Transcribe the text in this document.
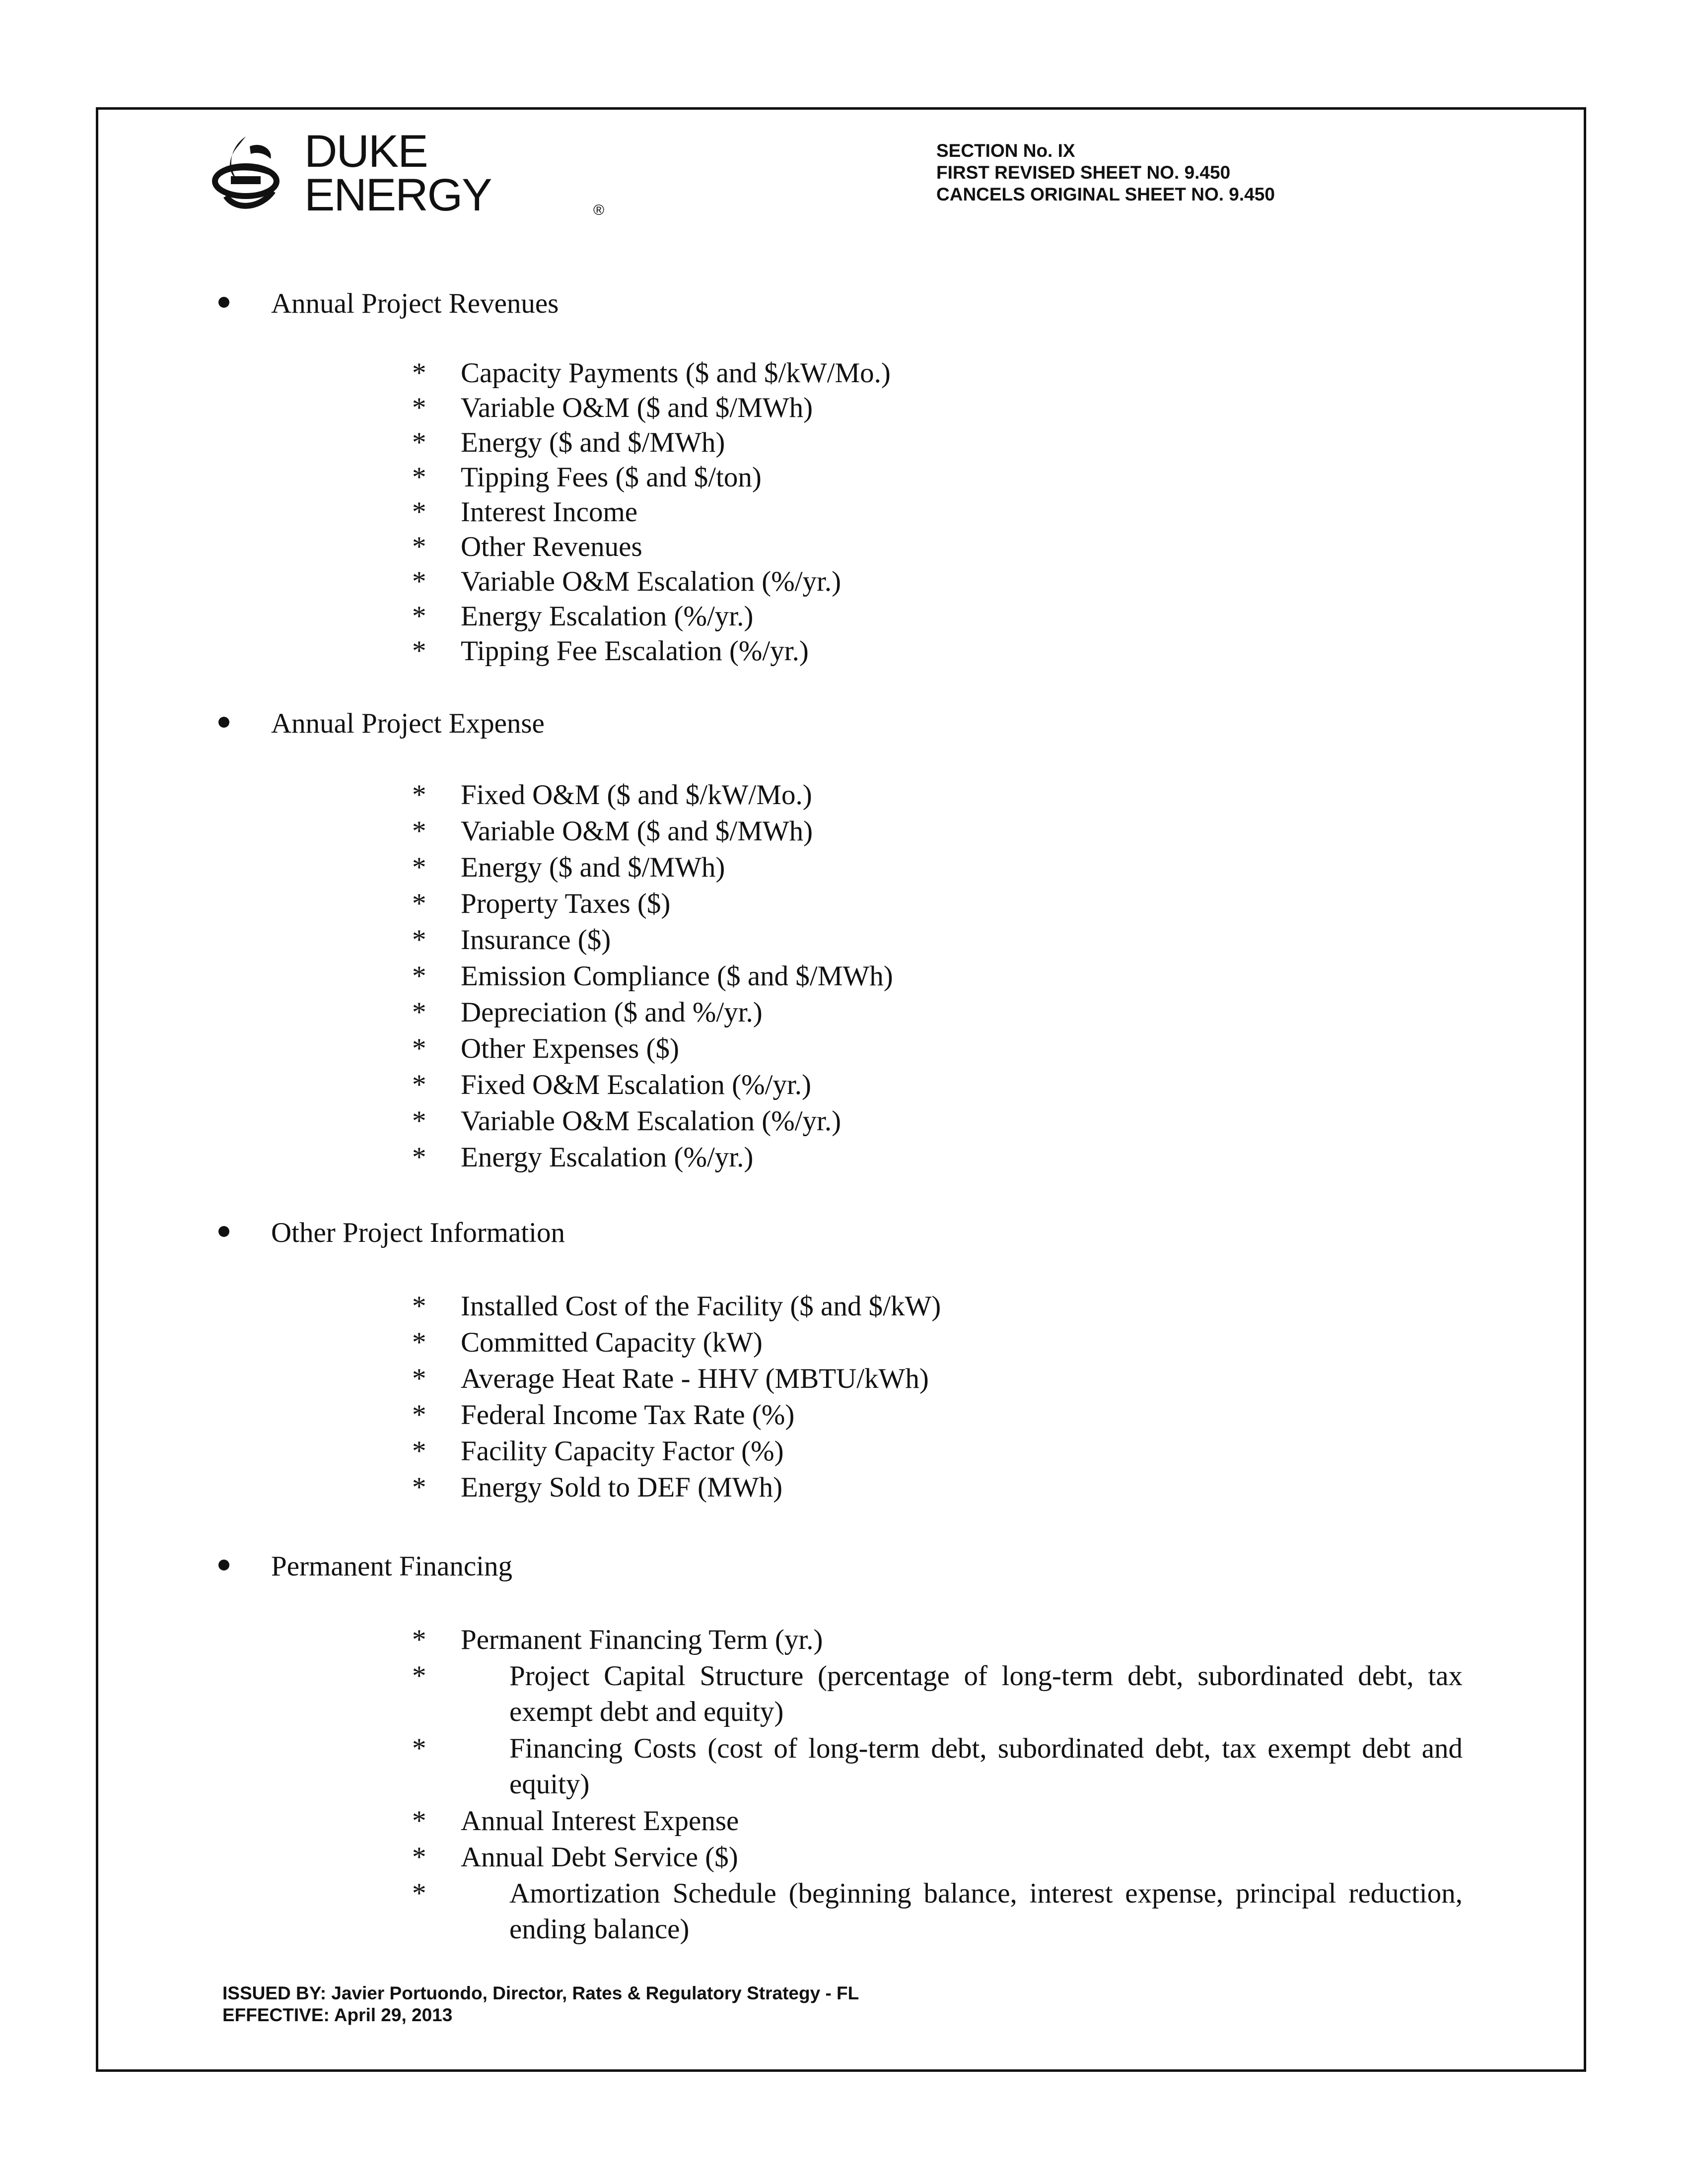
DUKE
ENERGY	®
SECTION No. IX
FIRST REVISED SHEET NO. 9.450
CANCELS ORIGINAL SHEET NO. 9.450
Annual Project Revenues
* Capacity Payments ($ and $/kW/Mo.)
* Variable O&M ($ and $/MWh)
* Energy ($ and $/MWh)
* Tipping Fees ($ and $/ton)
* Interest Income
* Other Revenues
* Variable O&M Escalation (%/yr.)
* Energy Escalation (%/yr.)
* Tipping Fee Escalation (%/yr.)
Annual Project Expense
* Fixed O&M ($ and $/kW/Mo.)
* Variable O&M ($ and $/MWh)
* Energy ($ and $/MWh)
* Property Taxes ($)
* Insurance ($)
* Emission Compliance ($ and $/MWh)
* Depreciation ($ and %/yr.)
* Other Expenses ($)
* Fixed O&M Escalation (%/yr.)
* Variable O&M Escalation (%/yr.)
* Energy Escalation (%/yr.)
Other Project Information
* Installed Cost of the Facility ($ and $/kW)
* Committed Capacity (kW)
* Average Heat Rate - HHV (MBTU/kWh)
* Federal Income Tax Rate (%)
* Facility Capacity Factor (%)
* Energy Sold to DEF (MWh)
Permanent Financing
* Permanent Financing Term (yr.)
*	Project Capital Structure (percentage of long-term debt, subordinated debt, tax exempt debt and equity)
*	Financing Costs (cost of long-term debt, subordinated debt, tax exempt debt and equity)
* Annual Interest Expense
* Annual Debt Service ($)
*	Amortization Schedule (beginning balance, interest expense, principal reduction, ending balance)
ISSUED BY: Javier Portuondo, Director, Rates & Regulatory Strategy - FL
EFFECTIVE: April 29, 2013
